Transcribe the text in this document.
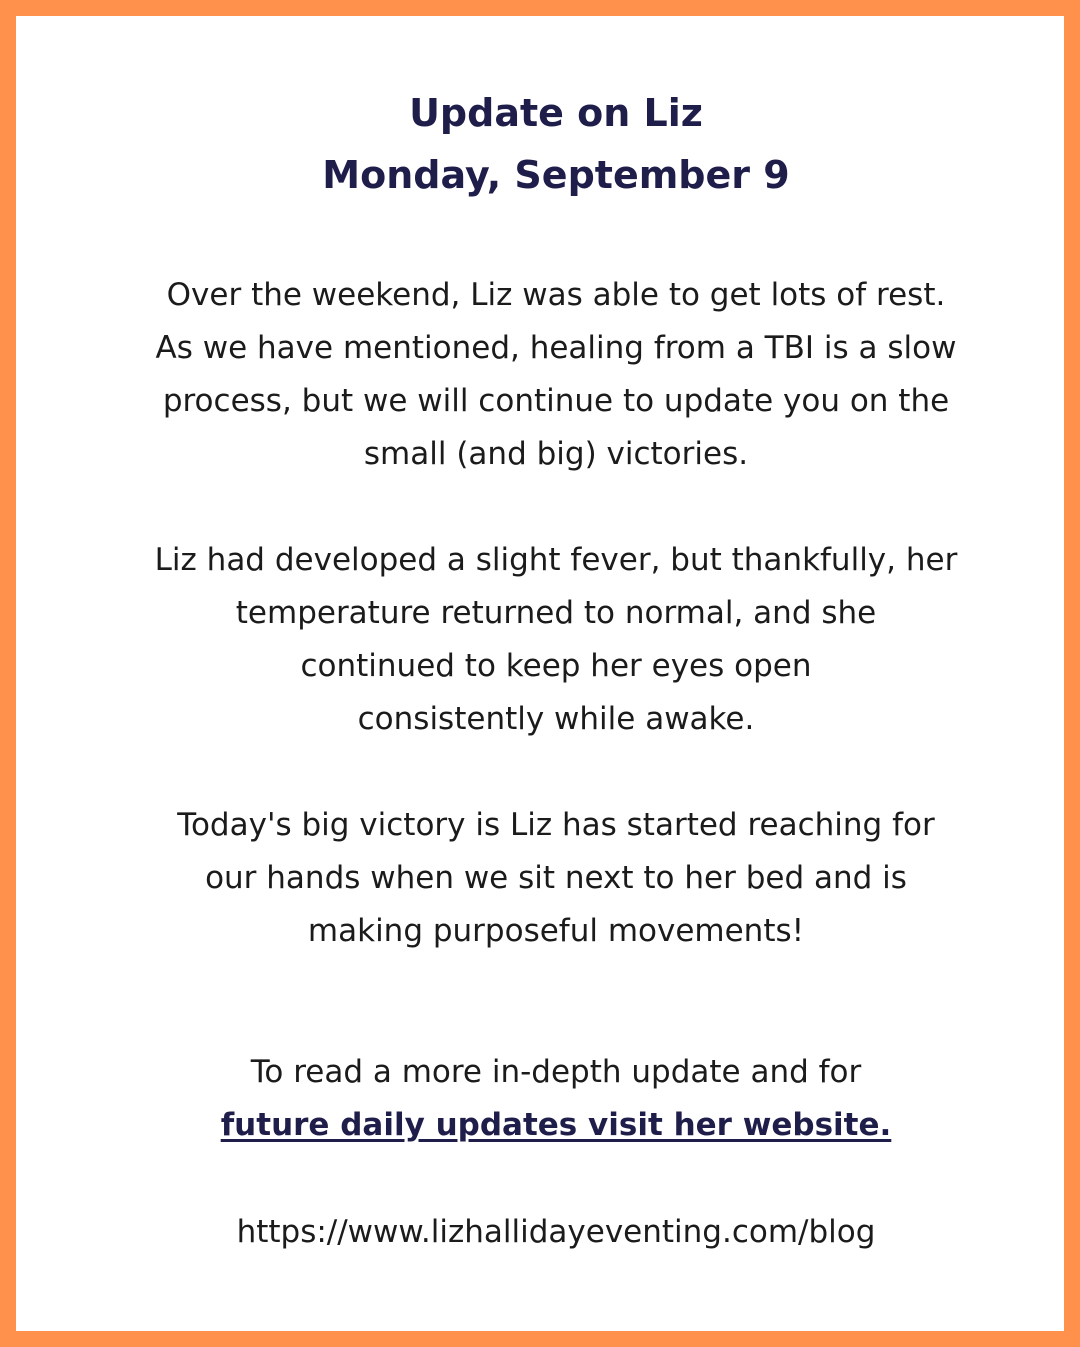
Update on Liz
Monday, September 9

Over the weekend, Liz was able to get lots of rest.
As we have mentioned, healing from a TBI is a slow
process, but we will continue to update you on the
small (and big) victories.

Liz had developed a slight fever, but thankfully, her
temperature returned to normal, and she
continued to keep her eyes open
consistently while awake.

Today's big victory is Liz has started reaching for
our hands when we sit next to her bed and is
making purposeful movements!

To read a more in-depth update and for
future daily updates visit her website.

https://www.lizhallidayeventing.com/blog
